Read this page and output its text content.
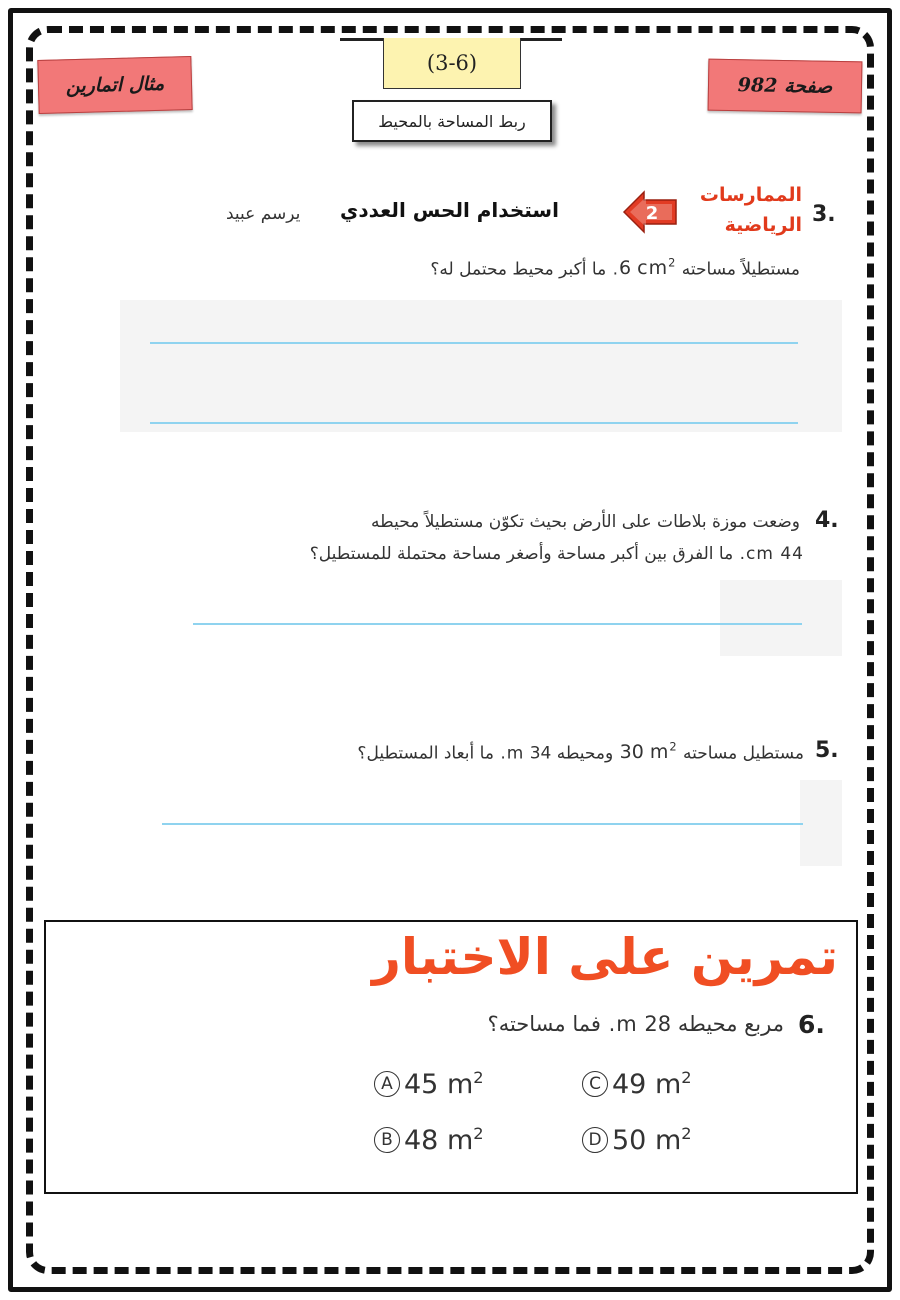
مثال اتمارين	صفحة 982
(3-6)
ربط المساحة بالمحيط
3.
الممارسات
الرياضية
2
استخدام الحس العددي
يرسم عبيد
مستطيلاً مساحته 6 $cm^2$. ما أكبر محيط محتمل له؟
4.
وضعت موزة بلاطات على الأرض بحيث تكوّن مستطيلاً محيطه
44 cm. ما الفرق بين أكبر مساحة وأصغر مساحة محتملة للمستطيل؟
5.
مستطيل مساحته 30 $m^2$ ومحيطه 34 m. ما أبعاد المستطيل؟
تمرين على الاختبار
6.
مربع محيطه 28 m. فما مساحته؟
A 45 $m^2$
B 48 $m^2$
C 49 $m^2$
D 50 $m^2$
